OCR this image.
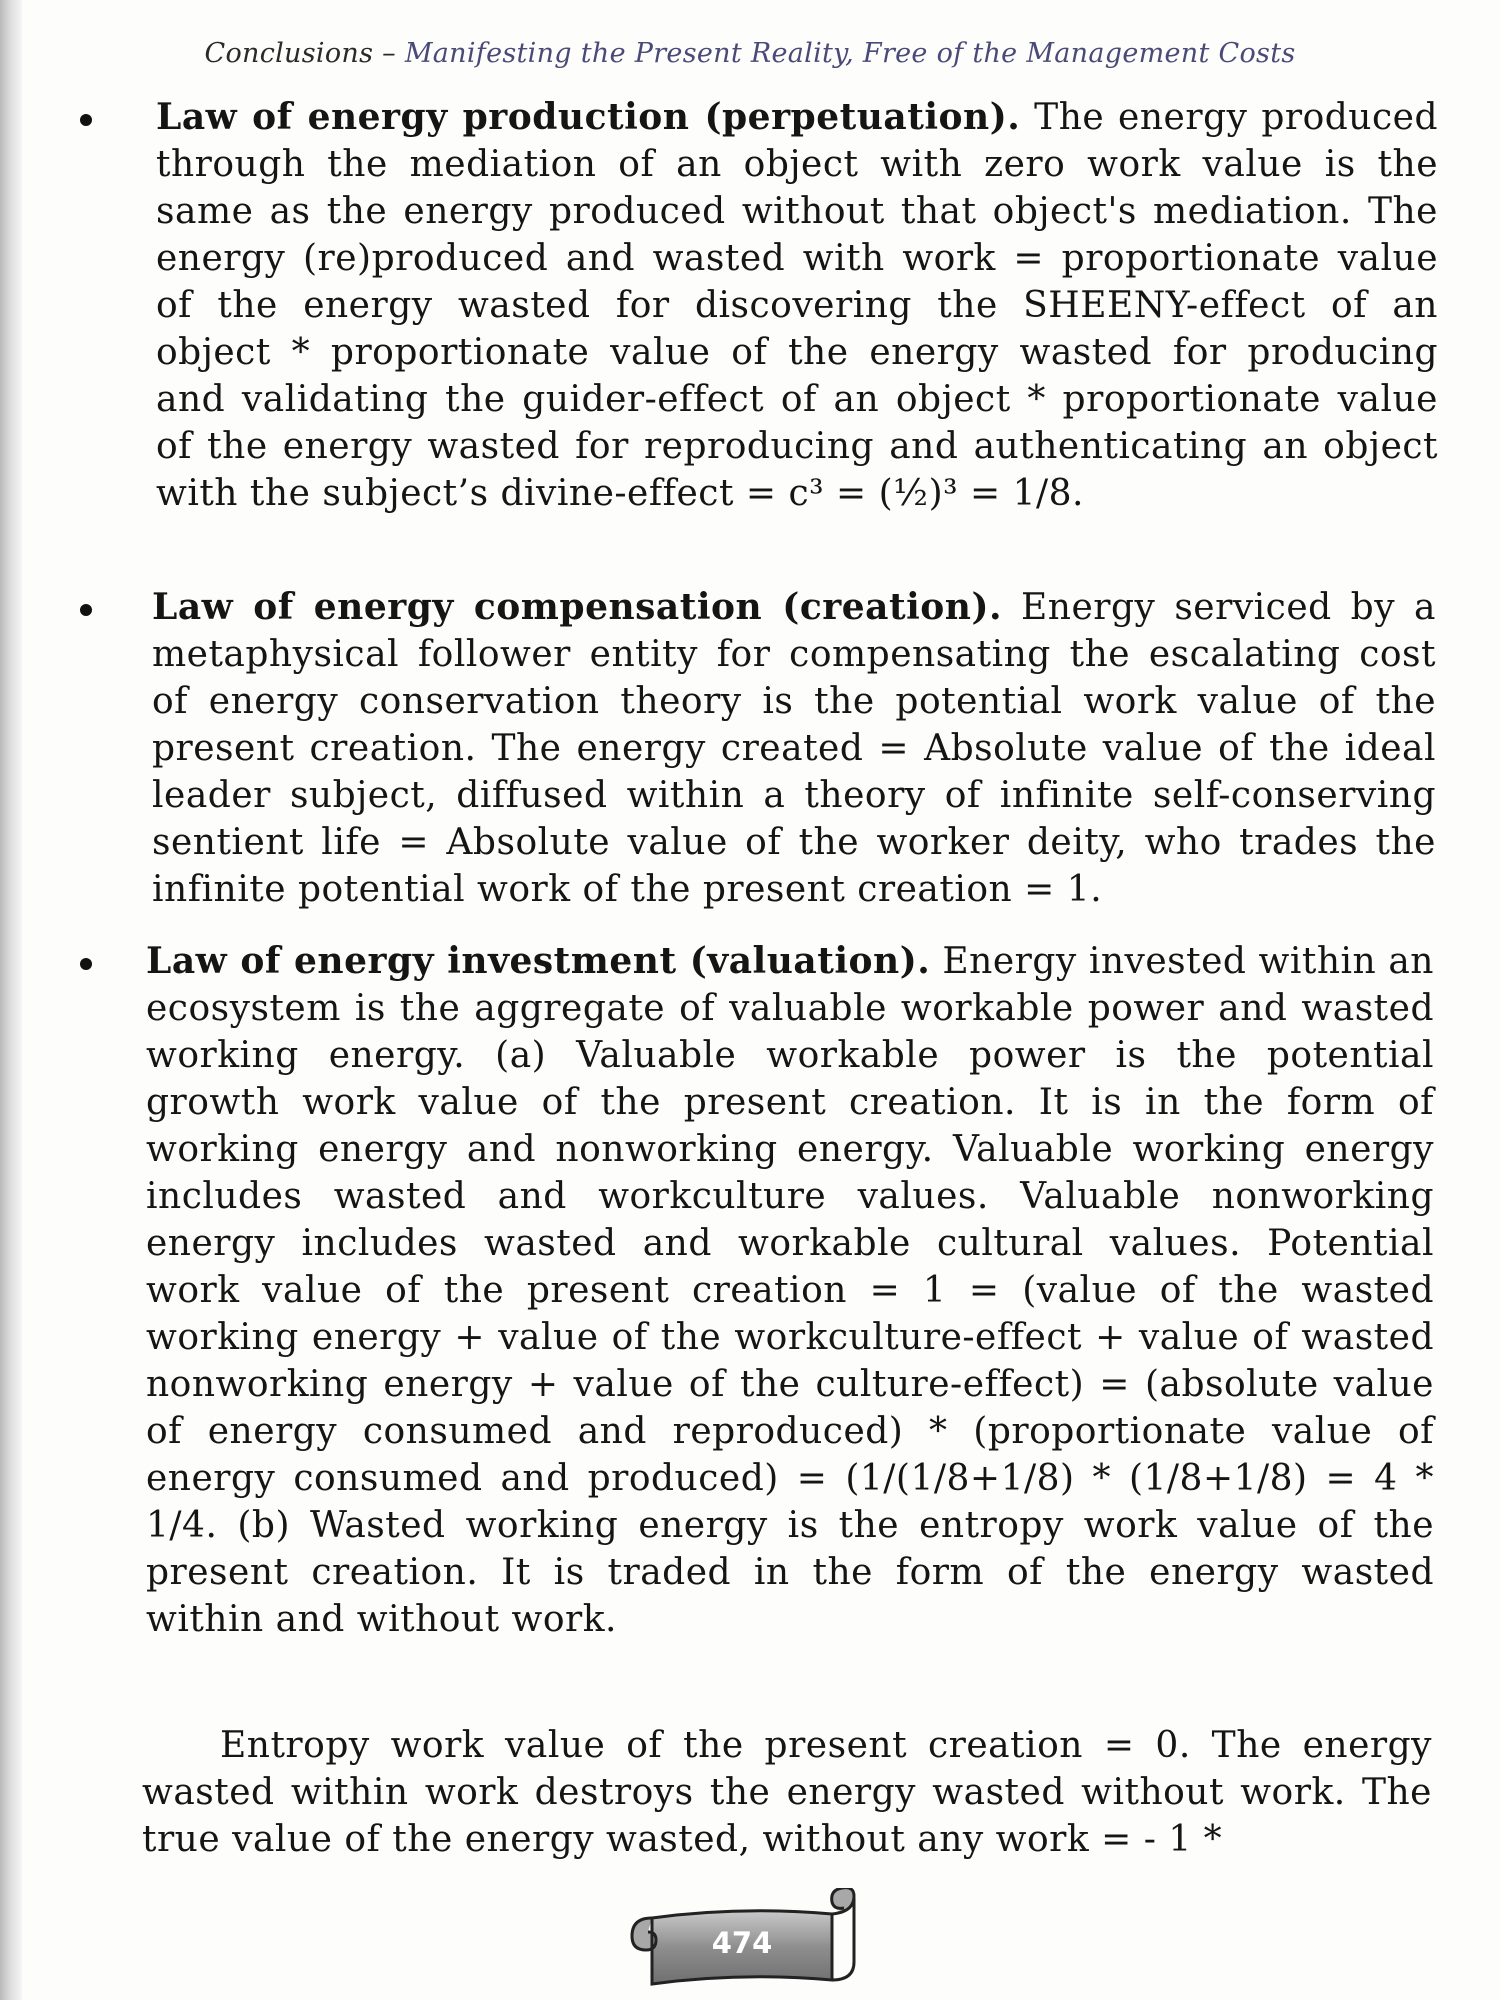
Conclusions – Manifesting the Present Reality, Free of the Management Costs
Law of energy production (perpetuation). The energy produced through the mediation of an object with zero work value is the same as the energy produced without that object's mediation. The energy (re)produced and wasted with work = proportionate value of the energy wasted for discovering the SHEENY-effect of an object * proportionate value of the energy wasted for producing and validating the guider-effect of an object * proportionate value of the energy wasted for reproducing and authenticating an object with the subject’s divine-effect = c³ = (½)³ = 1/8.
Law of energy compensation (creation). Energy serviced by a metaphysical follower entity for compensating the escalating cost of energy conservation theory is the potential work value of the present creation. The energy created = Absolute value of the ideal leader subject, diffused within a theory of infinite self-conserving sentient life = Absolute value of the worker deity, who trades the infinite potential work of the present creation = 1.
Law of energy investment (valuation). Energy invested within an ecosystem is the aggregate of valuable workable power and wasted working energy. (a) Valuable workable power is the potential growth work value of the present creation. It is in the form of working energy and nonworking energy. Valuable working energy includes wasted and workculture values. Valuable nonworking energy includes wasted and workable cultural values. Potential work value of the present creation = 1 = (value of the wasted working energy + value of the workculture-effect + value of wasted nonworking energy + value of the culture-effect) = (absolute value of energy consumed and reproduced) * (proportionate value of energy consumed and produced) = (1/(1/8+1/8) * (1/8+1/8) = 4 * 1/4. (b) Wasted working energy is the entropy work value of the present creation. It is traded in the form of the energy wasted within and without work.
Entropy work value of the present creation = 0. The energy wasted within work destroys the energy wasted without work. The true value of the energy wasted, without any work = - 1 *
474
